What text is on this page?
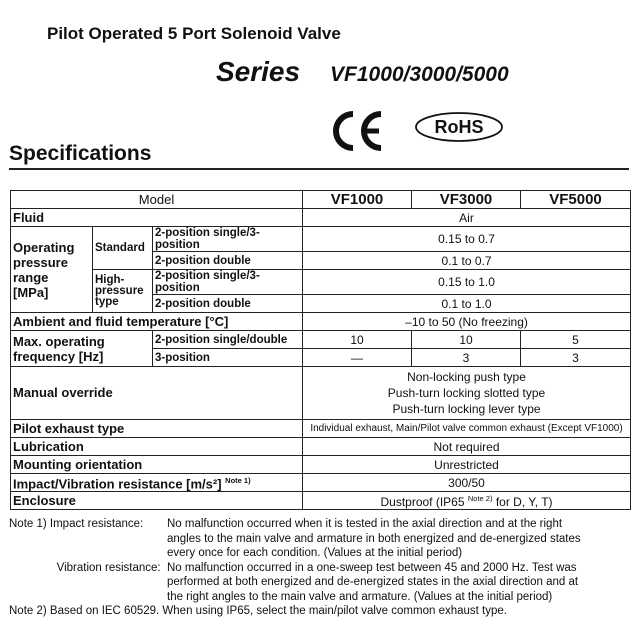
Pilot Operated 5 Port Solenoid Valve
Series VF1000/3000/5000
RoHS
Specifications
Model			VF1000	VF3000	VF5000
Fluid			Air		

Operating
pressure
range
[MPa]	Standard	2-position single/3-position	0.15 to 0.7		
		2-position double	0.1 to 0.7		

	High-
pressure
type	2-position single/3-position	0.15 to 1.0		
		2-position double	0.1 to 1.0		
Ambient and fluid temperature [°C]			–10 to 50 (No freezing)		

Max. operating
frequency [Hz]		2-position single/double	10	10	5
		3-position	—	3	3
Manual override			Non-locking push type
Push-turn locking slotted type
Push-turn locking lever type		

Pilot exhaust type			Individual exhaust, Main/Pilot valve common exhaust (Except VF1000)		
Lubrication			Not required		
Mounting orientation			Unrestricted		
Impact/Vibration resistance [m/s²] $^{Note 1)}$			300/50		
Enclosure			Dustproof (IP65 $^{Note 2)}$ for D, Y, T)		
Note 1) Impact resistance:	No malfunction occurred when it is tested in the axial direction and at the right
angles to the main valve and armature in both energized and de-energized states
every once for each condition. (Values at the initial period)
Vibration resistance: No malfunction occurred in a one-sweep test between 45 and 2000 Hz. Test was
performed at both energized and de-energized states in the axial direction and at
the right angles to the main valve and armature. (Values at the initial period)
Note 2) Based on IEC 60529. When using IP65, select the main/pilot valve common exhaust type.
